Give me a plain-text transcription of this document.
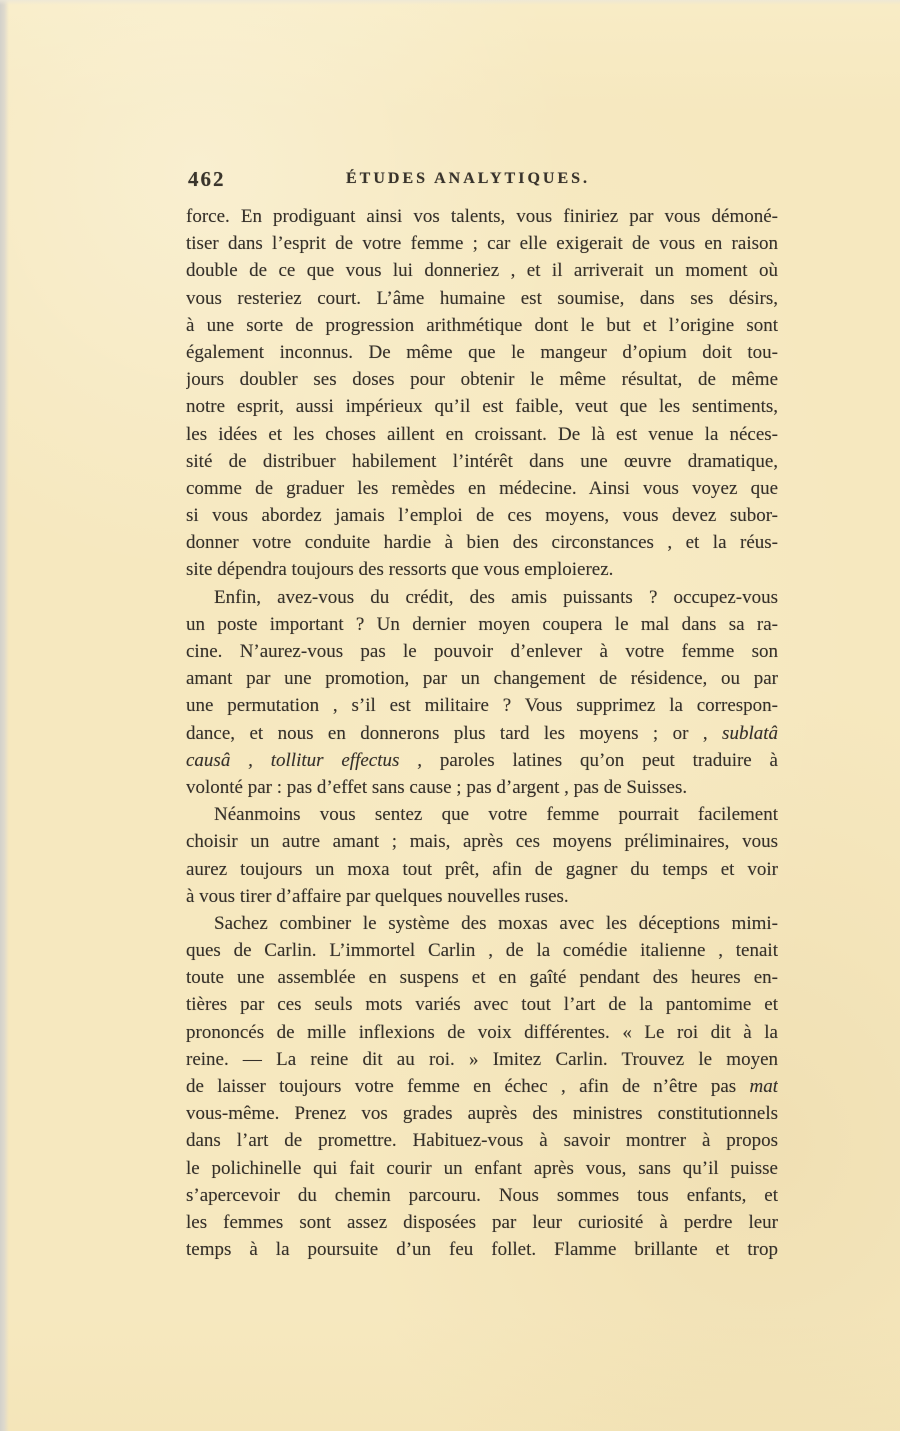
462	ÉTUDES ANALYTIQUES.
force. En prodiguant ainsi vos talents, vous finiriez par vous démoné-
tiser dans l’esprit de votre femme ; car elle exigerait de vous en raison
double de ce que vous lui donneriez , et il arriverait un moment où
vous resteriez court. L’âme humaine est soumise, dans ses désirs,
à une sorte de progression arithmétique dont le but et l’origine sont
également inconnus. De même que le mangeur d’opium doit tou-
jours doubler ses doses pour obtenir le même résultat, de même
notre esprit, aussi impérieux qu’il est faible, veut que les sentiments,
les idées et les choses aillent en croissant. De là est venue la néces-
sité de distribuer habilement l’intérêt dans une œuvre dramatique,
comme de graduer les remèdes en médecine. Ainsi vous voyez que
si vous abordez jamais l’emploi de ces moyens, vous devez subor-
donner votre conduite hardie à bien des circonstances , et la réus-
site dépendra toujours des ressorts que vous emploierez.
Enfin, avez-vous du crédit, des amis puissants ? occupez-vous
un poste important ? Un dernier moyen coupera le mal dans sa ra-
cine. N’aurez-vous pas le pouvoir d’enlever à votre femme son
amant par une promotion, par un changement de résidence, ou par
une permutation , s’il est militaire ? Vous supprimez la correspon-
dance, et nous en donnerons plus tard les moyens ; or , sublatâ
causâ , tollitur effectus , paroles latines qu’on peut traduire à
volonté par : pas d’effet sans cause ; pas d’argent , pas de Suisses.
Néanmoins vous sentez que votre femme pourrait facilement
choisir un autre amant ; mais, après ces moyens préliminaires, vous
aurez toujours un moxa tout prêt, afin de gagner du temps et voir
à vous tirer d’affaire par quelques nouvelles ruses.
Sachez combiner le système des moxas avec les déceptions mimi-
ques de Carlin. L’immortel Carlin , de la comédie italienne , tenait
toute une assemblée en suspens et en gaîté pendant des heures en-
tières par ces seuls mots variés avec tout l’art de la pantomime et
prononcés de mille inflexions de voix différentes. « Le roi dit à la
reine. — La reine dit au roi. » Imitez Carlin. Trouvez le moyen
de laisser toujours votre femme en échec , afin de n’être pas mat
vous-même. Prenez vos grades auprès des ministres constitutionnels
dans l’art de promettre. Habituez-vous à savoir montrer à propos
le polichinelle qui fait courir un enfant après vous, sans qu’il puisse
s’apercevoir du chemin parcouru. Nous sommes tous enfants, et
les femmes sont assez disposées par leur curiosité à perdre leur
temps à la poursuite d’un feu follet. Flamme brillante et trop
